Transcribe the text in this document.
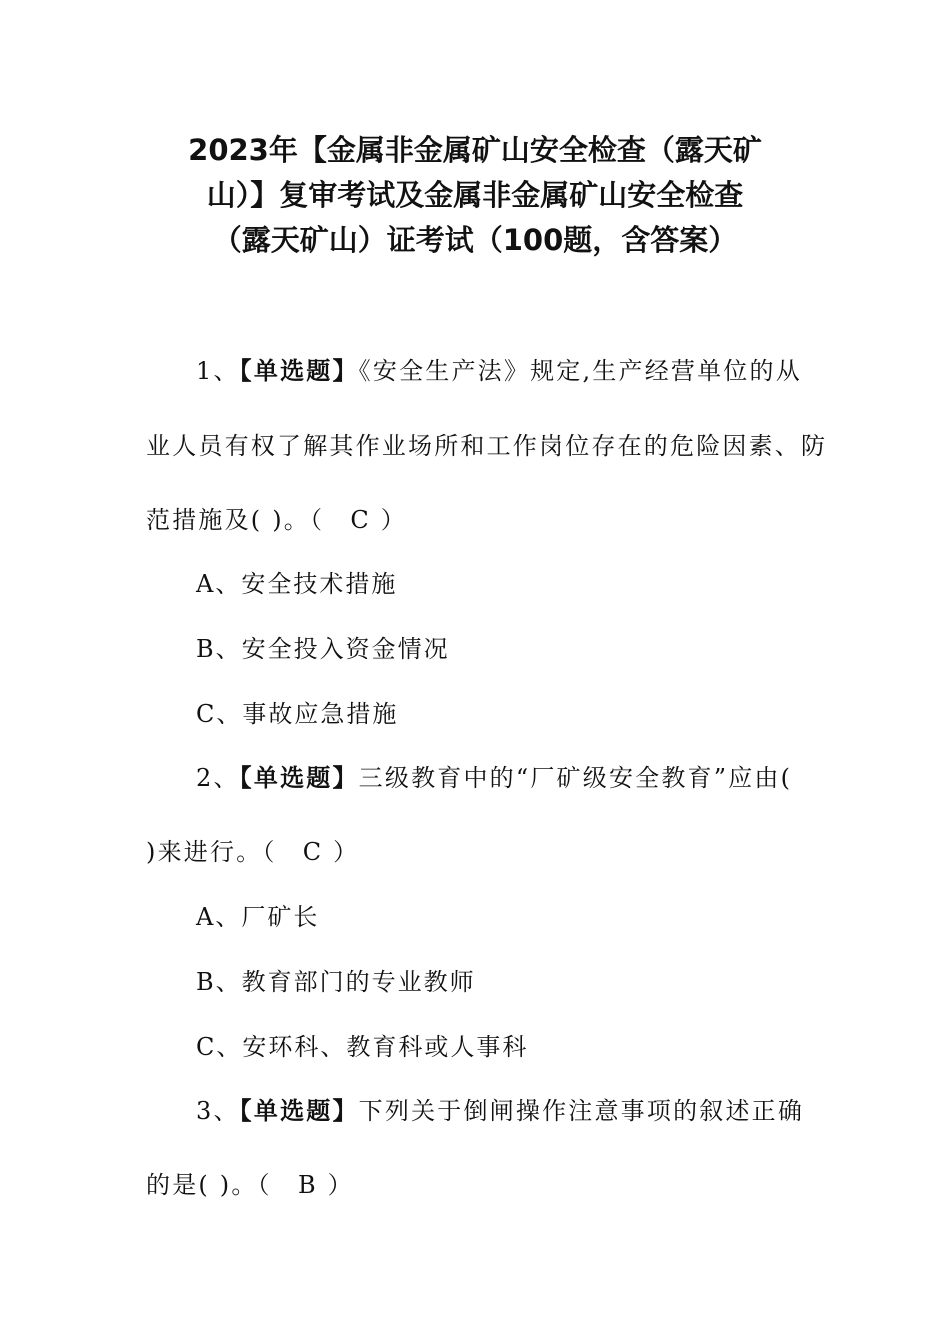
2023年【金属非金属矿山安全检查（露天矿
山）】复审考试及金属非金属矿山安全检查
（露天矿山）证考试（100题，含答案）
1、【单选题】《安全生产法》规定,生产经营单位的从
业人员有权了解其作业场所和工作岗位存在的危险因素、防
范措施及( )。（　C ）
A、安全技术措施
B、安全投入资金情况
C、事故应急措施
2、【单选题】三级教育中的“厂矿级安全教育”应由(
)来进行。（　C ）
A、厂矿长
B、教育部门的专业教师
C、安环科、教育科或人事科
3、【单选题】下列关于倒闸操作注意事项的叙述正确
的是( )。（　B ）
